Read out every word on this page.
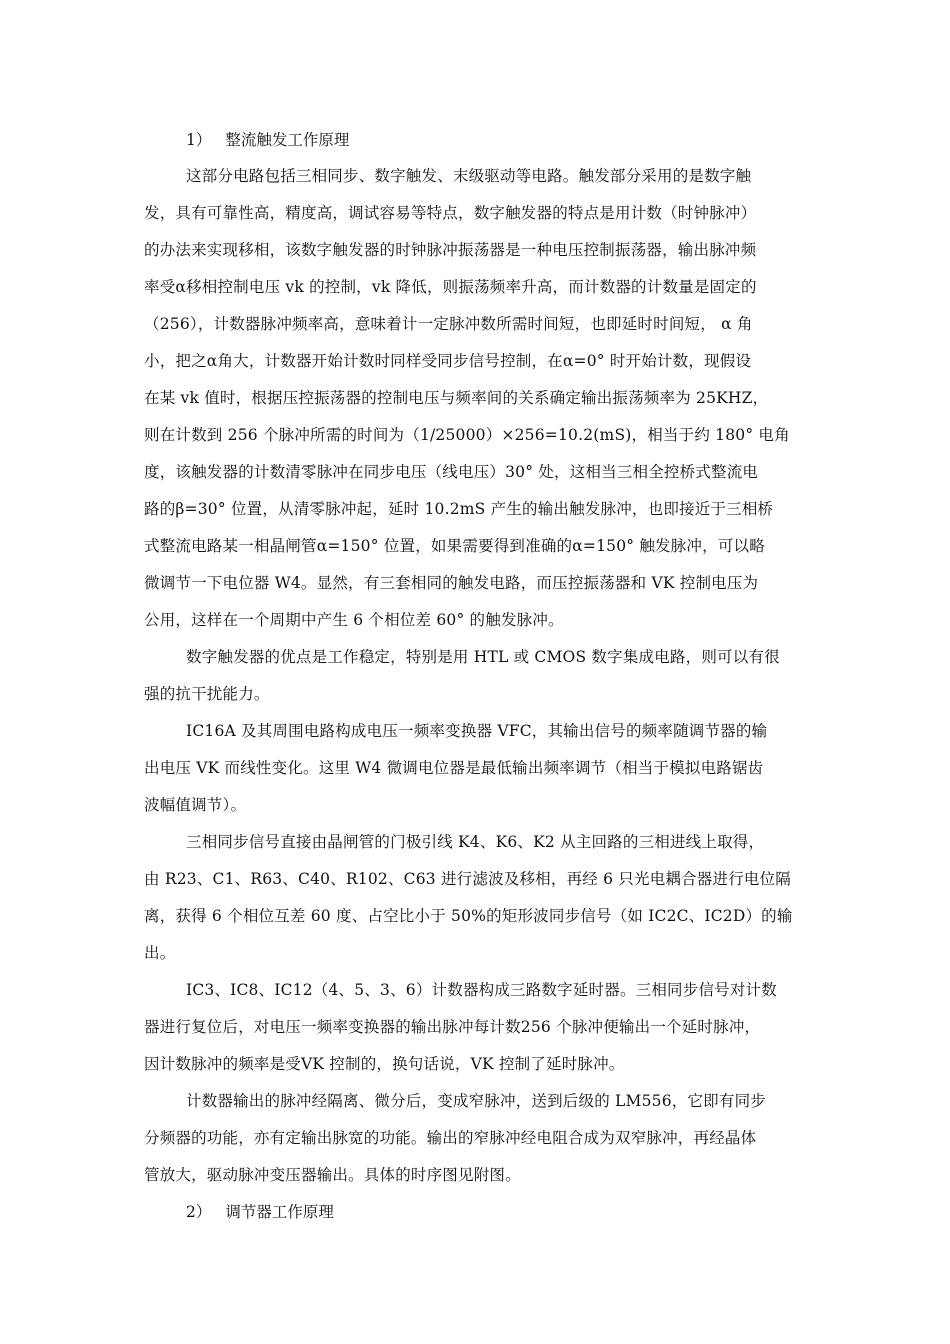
1） 整流触发工作原理

这部分电路包括三相同步、数字触发、末级驱动等电路。触发部分采用的是数字触
发，具有可靠性高，精度高，调试容易等特点，数字触发器的特点是用计数（时钟脉冲）
的办法来实现移相，该数字触发器的时钟脉冲振荡器是一种电压控制振荡器，输出脉冲频
率受α移相控制电压 vk 的控制，vk 降低，则振荡频率升高，而计数器的计数量是固定的
（256），计数器脉冲频率高，意味着计一定脉冲数所需时间短，也即延时时间短， α 角
小，把之α角大，计数器开始计数时同样受同步信号控制，在α=0° 时开始计数，现假设
在某 vk 值时，根据压控振荡器的控制电压与频率间的关系确定输出振荡频率为 25KHZ，
则在计数到 256 个脉冲所需的时间为（1/25000）×256=10.2(mS)，相当于约 180° 电角
度，该触发器的计数清零脉冲在同步电压（线电压）30° 处，这相当三相全控桥式整流电
路的β=30° 位置，从清零脉冲起，延时 10.2mS 产生的输出触发脉冲，也即接近于三相桥
式整流电路某一相晶闸管α=150° 位置，如果需要得到准确的α=150° 触发脉冲，可以略
微调节一下电位器 W4。显然，有三套相同的触发电路，而压控振荡器和 VK 控制电压为
公用，这样在一个周期中产生 6 个相位差 60° 的触发脉冲。
数字触发器的优点是工作稳定，特别是用 HTL 或 CMOS 数字集成电路，则可以有很
强的抗干扰能力。
IC16A 及其周围电路构成电压一频率变换器 VFC，其输出信号的频率随调节器的输
出电压 VK 而线性变化。这里 W4 微调电位器是最低输出频率调节（相当于模拟电路锯齿
波幅值调节）。
三相同步信号直接由晶闸管的门极引线 K4、K6、K2 从主回路的三相进线上取得，
由 R23、C1、R63、C40、R102、C63 进行滤波及移相，再经 6 只光电耦合器进行电位隔
离，获得 6 个相位互差 60 度、占空比小于 50%的矩形波同步信号（如 IC2C、IC2D）的输
出。
IC3、IC8、IC12（4、5、3、6）计数器构成三路数字延时器。三相同步信号对计数
器进行复位后，对电压一频率变换器的输出脉冲每计数256 个脉冲便输出一个延时脉冲，
因计数脉冲的频率是受VK 控制的，换句话说，VK 控制了延时脉冲。
计数器输出的脉冲经隔离、微分后，变成窄脉冲，送到后级的 LM556，它即有同步
分频器的功能，亦有定输出脉宽的功能。输出的窄脉冲经电阻合成为双窄脉冲，再经晶体
管放大，驱动脉冲变压器输出。具体的时序图见附图。

2） 调节器工作原理
